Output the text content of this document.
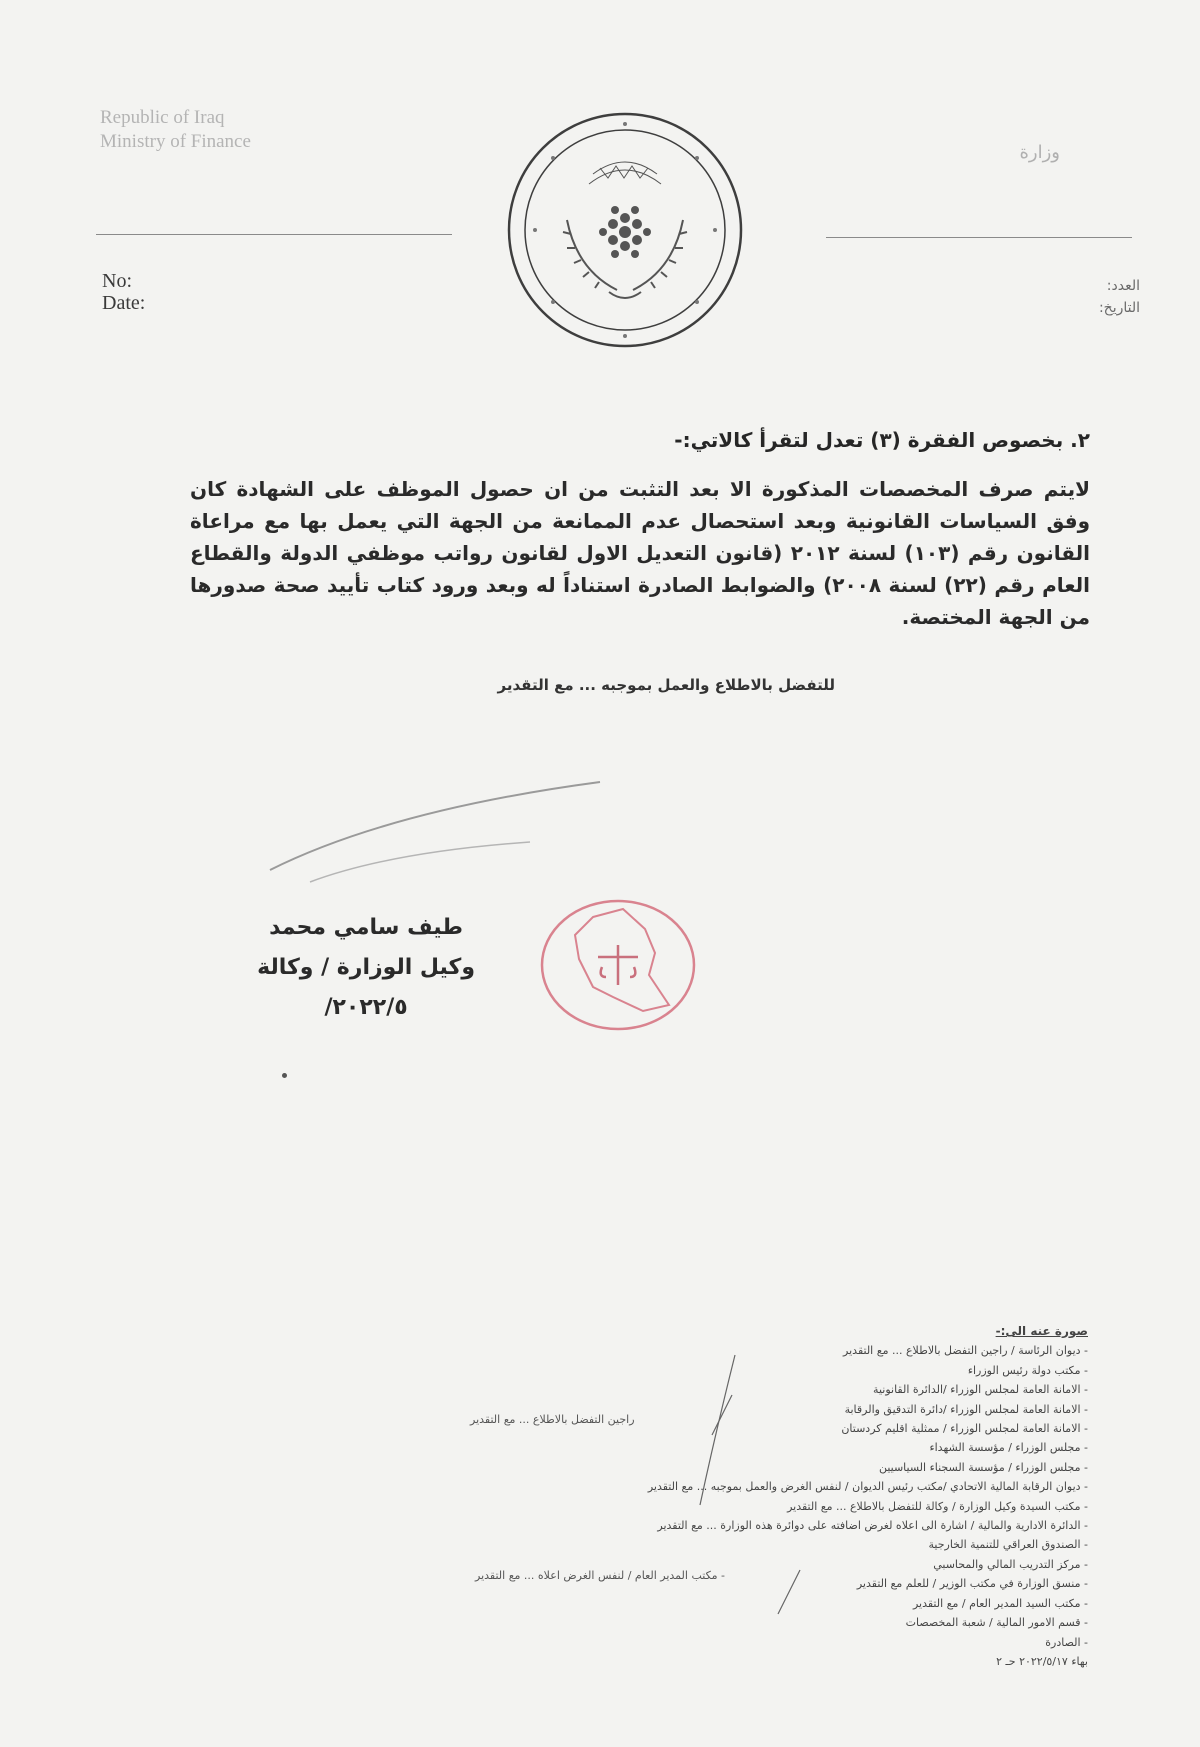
Republic of Iraq
Ministry of Finance
وزارة
No:
Date:
العدد:
التاريخ:
٢. بخصوص الفقرة (٣) تعدل لتقرأ كالاتي:-
لايتم صرف المخصصات المذكورة الا بعد التثبت من ان حصول الموظف على الشهادة كان وفق السياسات القانونية وبعد استحصال عدم الممانعة من الجهة التي يعمل بها مع مراعاة القانون رقم (١٠٣) لسنة ٢٠١٢ (قانون التعديل الاول لقانون رواتب موظفي الدولة والقطاع العام رقم (٢٢) لسنة ٢٠٠٨) والضوابط الصادرة استناداً له وبعد ورود كتاب تأييد صحة صدورها من الجهة المختصة.
للتفضل بالاطلاع والعمل بموجبه ... مع التقدير
طيف سامي محمد
وكيل الوزارة / وكالة
٢٠٢٢/٥/
صورة عنه الى:-
- ديوان الرئاسة / راجين التفضل بالاطلاع ... مع التقدير
- مكتب دولة رئيس الوزراء
- الامانة العامة لمجلس الوزراء /الدائرة القانونية
- الامانة العامة لمجلس الوزراء /دائرة التدقيق والرقابة
- الامانة العامة لمجلس الوزراء / ممثلية اقليم كردستان
- مجلس الوزراء / مؤسسة الشهداء
- مجلس الوزراء / مؤسسة السجناء السياسيين
- ديوان الرقابة المالية الاتحادي /مكتب رئيس الديوان / لنفس الغرض والعمل بموجبه ... مع التقدير
- مكتب السيدة وكيل الوزارة / وكالة للتفضل بالاطلاع ... مع التقدير
- الدائرة الادارية والمالية / اشارة الى اعلاه لغرض اضافته على دوائرة هذه الوزارة ... مع التقدير
- الصندوق العراقي للتنمية الخارجية
- مركز التدريب المالي والمحاسبي
- منسق الوزارة في مكتب الوزير / للعلم مع التقدير
- مكتب السيد المدير العام / مع التقدير
- قسم الامور المالية / شعبة المخصصات
- الصادرة
بهاء ٢٠٢٢/٥/١٧ حـ ٢
راجين التفضل بالاطلاع ... مع التقدير
- مكتب المدير العام / لنفس الغرض اعلاه ... مع التقدير
